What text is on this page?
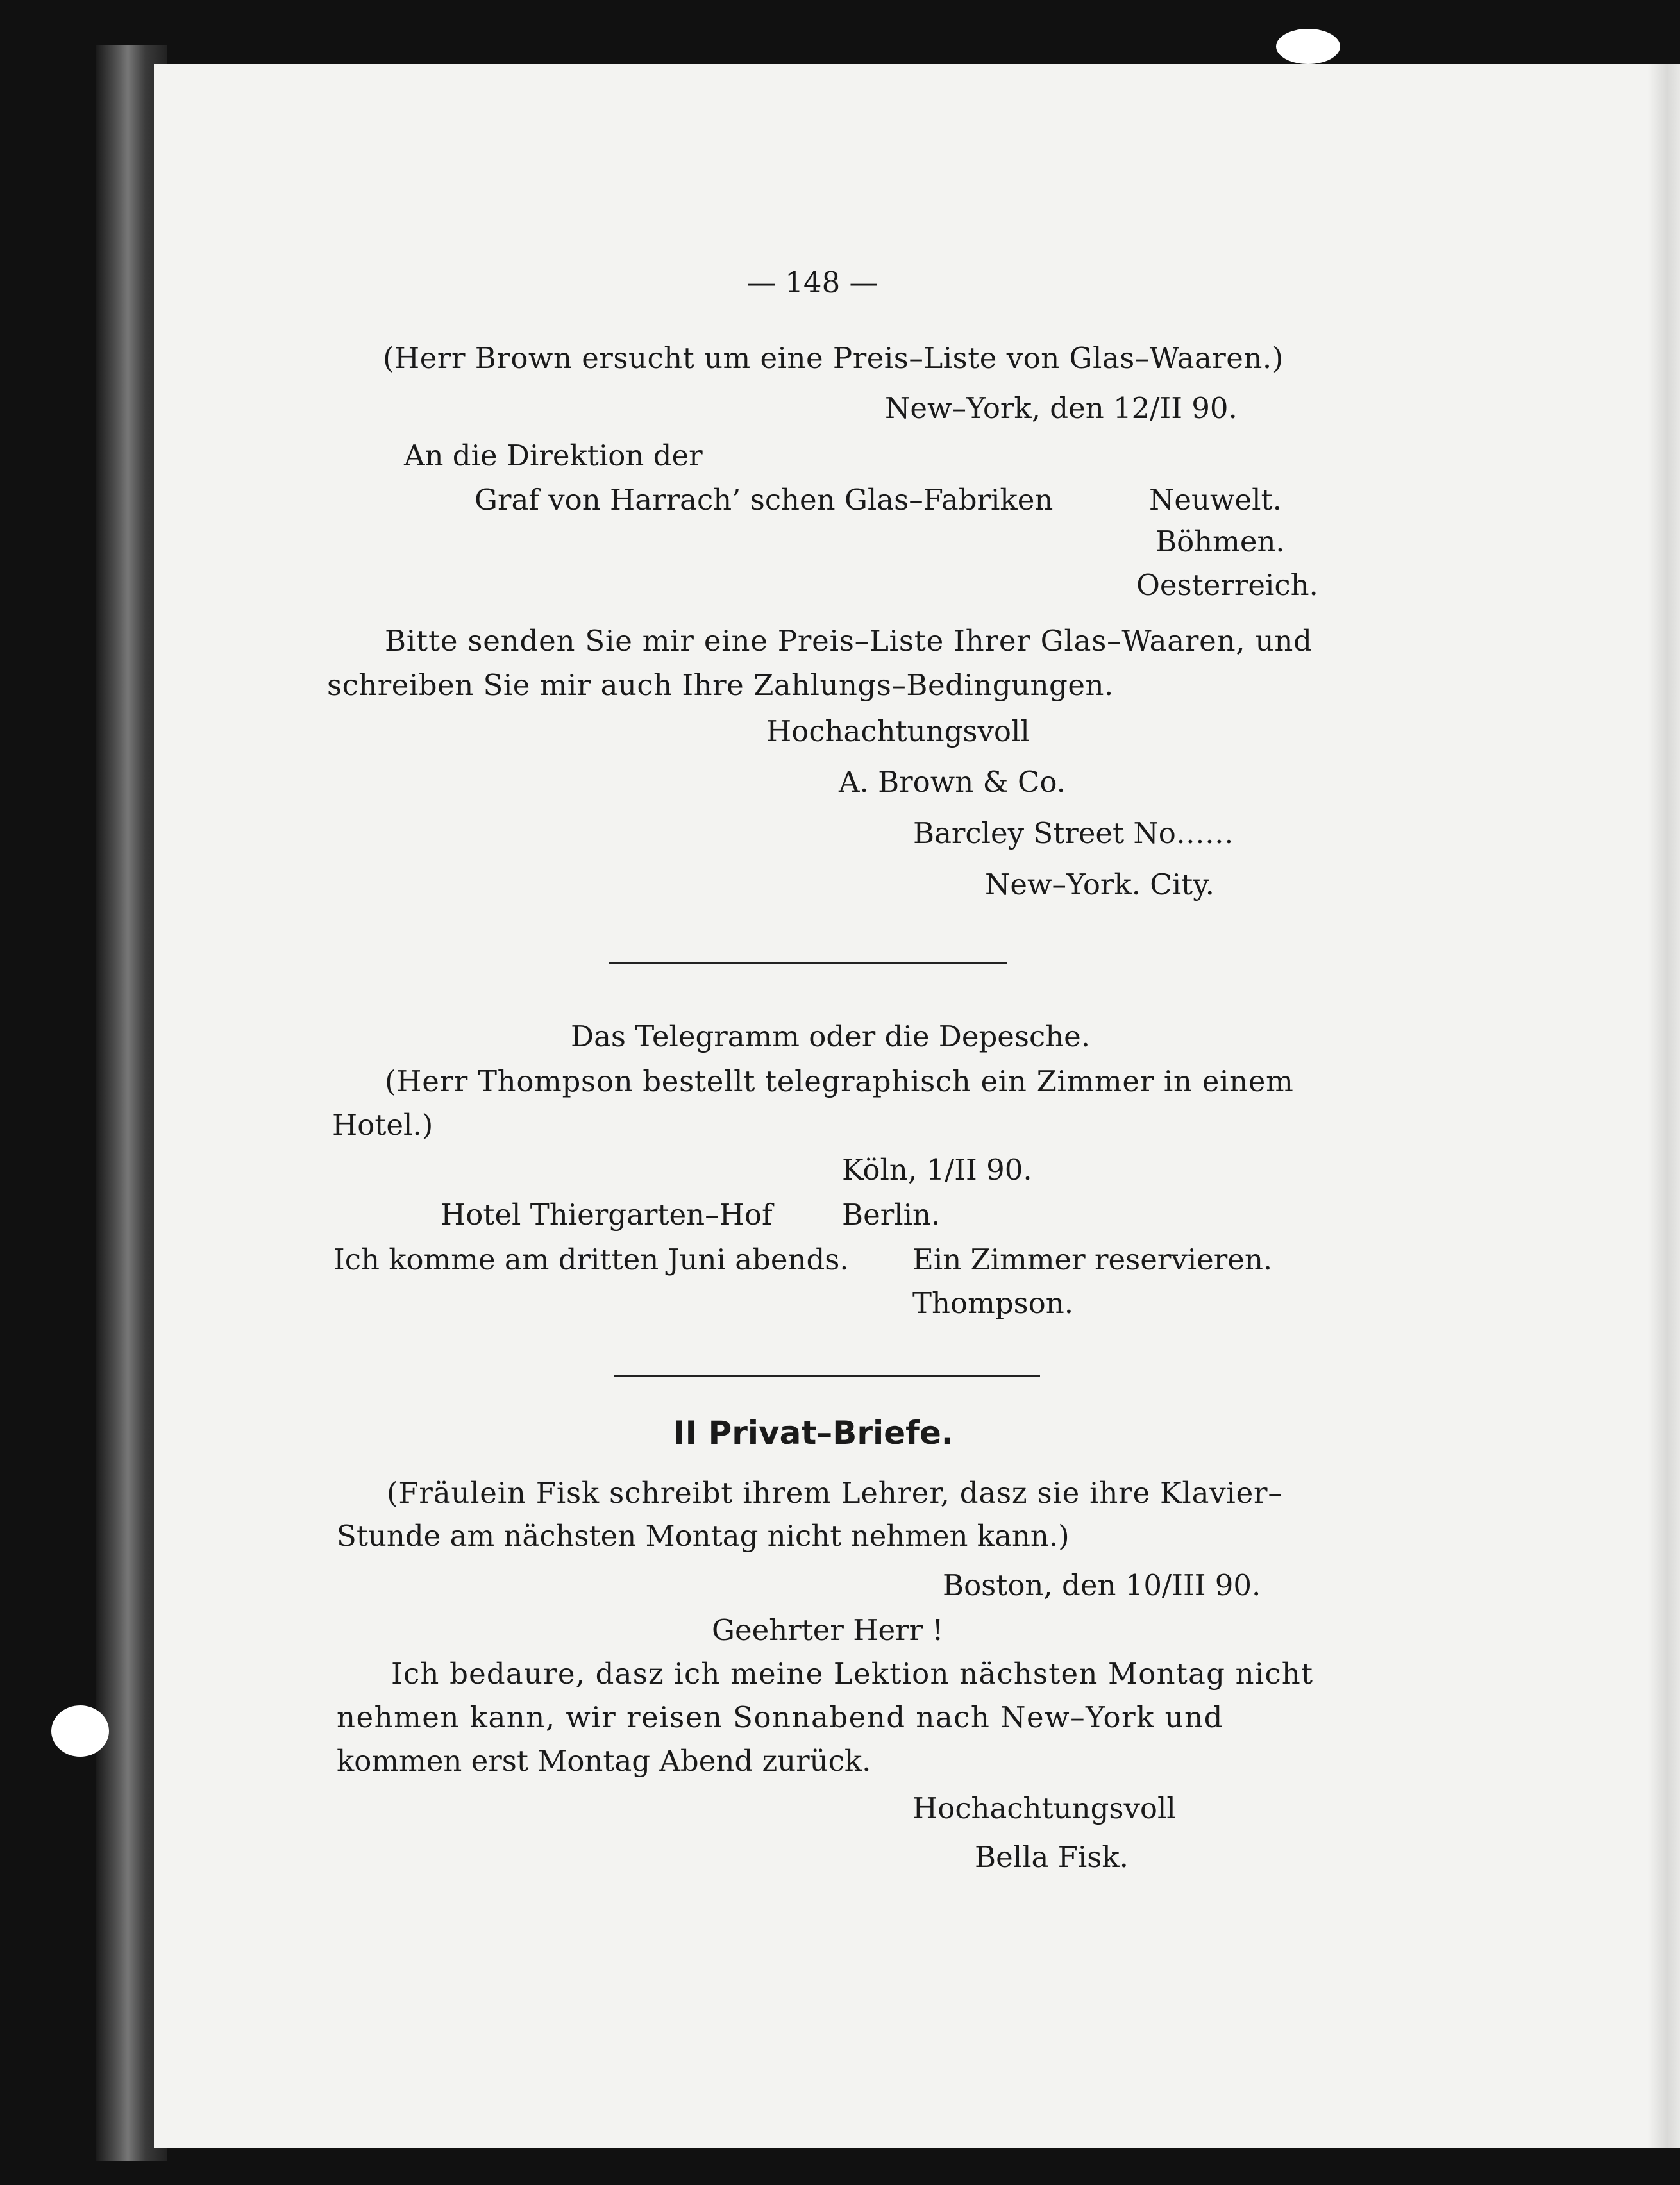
— 148 —
(Herr Brown ersucht um eine Preis–Liste von Glas–Waaren.)
New–York, den 12/II 90.
An die Direktion der
Graf von Harrach’ schen Glas–Fabriken	Neuwelt.
Böhmen.
Oesterreich.
Bitte senden Sie mir eine Preis–Liste Ihrer Glas–Waaren, und
schreiben Sie mir auch Ihre Zahlungs–Bedingungen.
Hochachtungsvoll
A. Brown & Co.
Barcley Street No……
New–York. City.
Das Telegramm oder die Depesche.
(Herr Thompson bestellt telegraphisch ein Zimmer in einem
Hotel.)
Köln, 1/II 90.
Hotel Thiergarten–Hof Berlin.
Ich komme am dritten Juni abends. Ein Zimmer reservieren.
Thompson.
II Privat–Briefe.
(Fräulein Fisk schreibt ihrem Lehrer, dasz sie ihre Klavier–
Stunde am nächsten Montag nicht nehmen kann.)
Boston, den 10/III 90.
Geehrter Herr !
Ich bedaure, dasz ich meine Lektion nächsten Montag nicht
nehmen kann, wir reisen Sonnabend nach New–York und
kommen erst Montag Abend zurück.
Hochachtungsvoll
Bella Fisk.
